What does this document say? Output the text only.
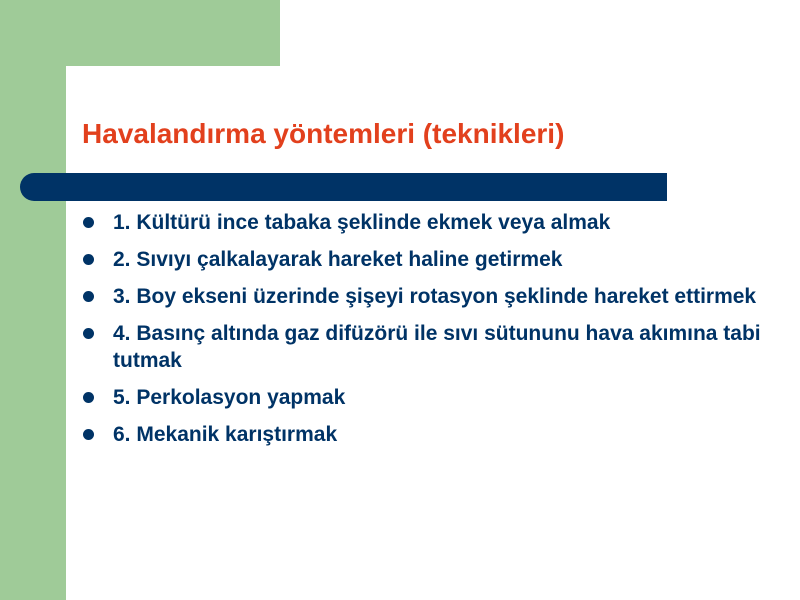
Havalandırma yöntemleri (teknikleri)
1. Kültürü ince tabaka şeklinde ekmek veya almak
2. Sıvıyı çalkalayarak hareket haline getirmek
3. Boy ekseni üzerinde şişeyi rotasyon şeklinde hareket ettirmek
4. Basınç altında gaz difüzörü ile sıvı sütununu hava akımına tabi tutmak
5. Perkolasyon yapmak
6. Mekanik karıştırmak
